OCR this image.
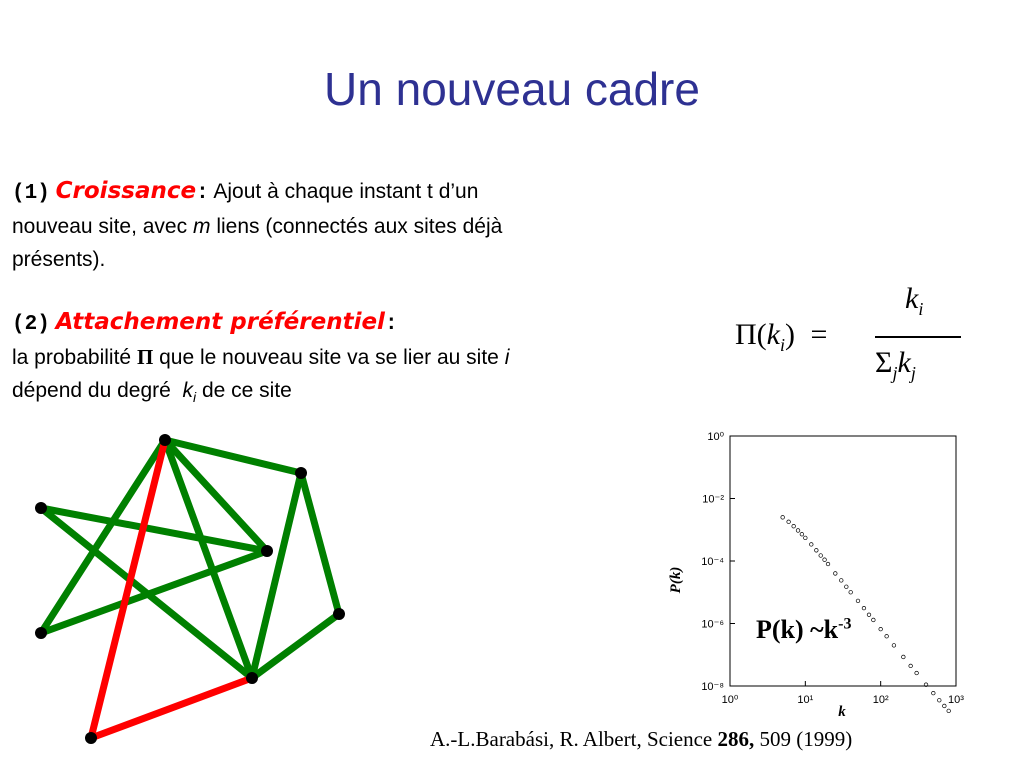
Un nouveau cadre
(1) Croissance: Ajout à chaque instant t d’un
nouveau site, avec m liens (connectés aux sites déjà
présents).
(2) Attachement préférentiel:
la probabilité Π que le nouveau site va se lier au site i
dépend du degré $k_i$ de ce site
$\Pi(k_i)$ =
$k_i$
$\Sigma_jk_j$
10⁰
10⁻²
10⁻⁴
10⁻⁶
10⁻⁸
10⁰	10¹	10²	10³
P(k)
k
P(k) $\sim k^{-3}$
A.-L.Barabási, R. Albert, Science 286, 509 (1999)
